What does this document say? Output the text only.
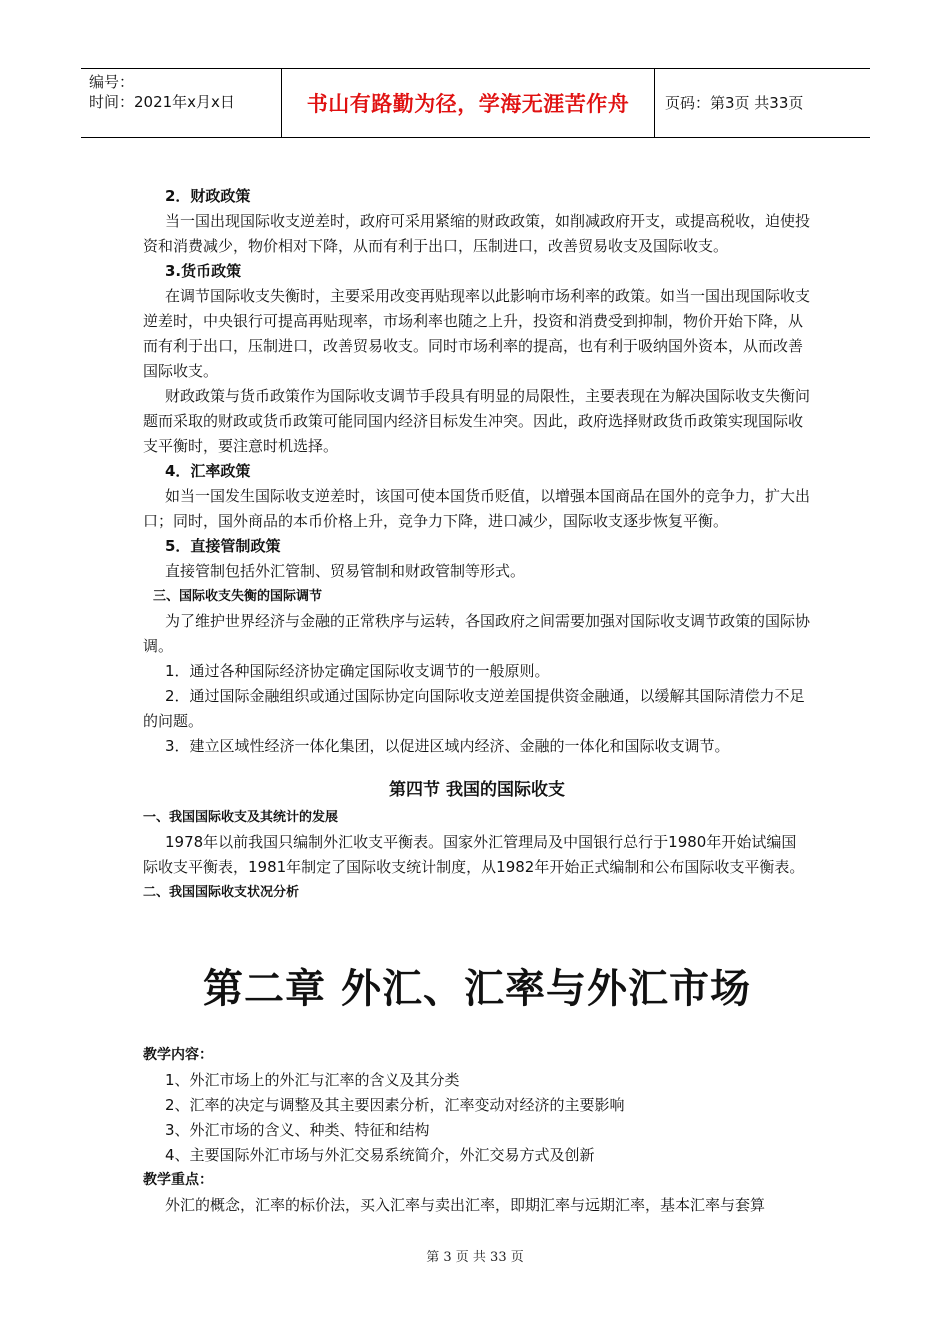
编号：
时间：2021年x月x日	书山有路勤为径，学海无涯苦作舟	页码：第3页 共33页

2．财政政策

当一国出现国际收支逆差时，政府可采用紧缩的财政政策，如削减政府开支，或提高税收，迫使投资和消费减少，物价相对下降，从而有利于出口，压制进口，改善贸易收支及国际收支。

3.货币政策

在调节国际收支失衡时，主要采用改变再贴现率以此影响市场利率的政策。如当一国出现国际收支逆差时，中央银行可提高再贴现率，市场利率也随之上升，投资和消费受到抑制，物价开始下降，从而有利于出口，压制进口，改善贸易收支。同时市场利率的提高，也有利于吸纳国外资本，从而改善国际收支。

财政政策与货币政策作为国际收支调节手段具有明显的局限性，主要表现在为解决国际收支失衡问题而采取的财政或货币政策可能同国内经济目标发生冲突。因此，政府选择财政货币政策实现国际收支平衡时，要注意时机选择。

4．汇率政策

如当一国发生国际收支逆差时，该国可使本国货币贬值，以增强本国商品在国外的竞争力，扩大出口；同时，国外商品的本币价格上升，竞争力下降，进口减少，国际收支逐步恢复平衡。

5．直接管制政策

直接管制包括外汇管制、贸易管制和财政管制等形式。

三、国际收支失衡的国际调节

为了维护世界经济与金融的正常秩序与运转，各国政府之间需要加强对国际收支调节政策的国际协调。

1．通过各种国际经济协定确定国际收支调节的一般原则。

2．通过国际金融组织或通过国际协定向国际收支逆差国提供资金融通，以缓解其国际清偿力不足的问题。

3．建立区域性经济一体化集团，以促进区域内经济、金融的一体化和国际收支调节。

第四节 我国的国际收支

一、我国国际收支及其统计的发展

1978年以前我国只编制外汇收支平衡表。国家外汇管理局及中国银行总行于1980年开始试编国际收支平衡表，1981年制定了国际收支统计制度，从1982年开始正式编制和公布国际收支平衡表。

二、我国国际收支状况分析

第二章 外汇、汇率与外汇市场

教学内容：

1、外汇市场上的外汇与汇率的含义及其分类

2、汇率的决定与调整及其主要因素分析，汇率变动对经济的主要影响

3、外汇市场的含义、种类、特征和结构

4、主要国际外汇市场与外汇交易系统简介，外汇交易方式及创新

教学重点：

外汇的概念，汇率的标价法，买入汇率与卖出汇率，即期汇率与远期汇率，基本汇率与套算

第 3 页 共 33 页
